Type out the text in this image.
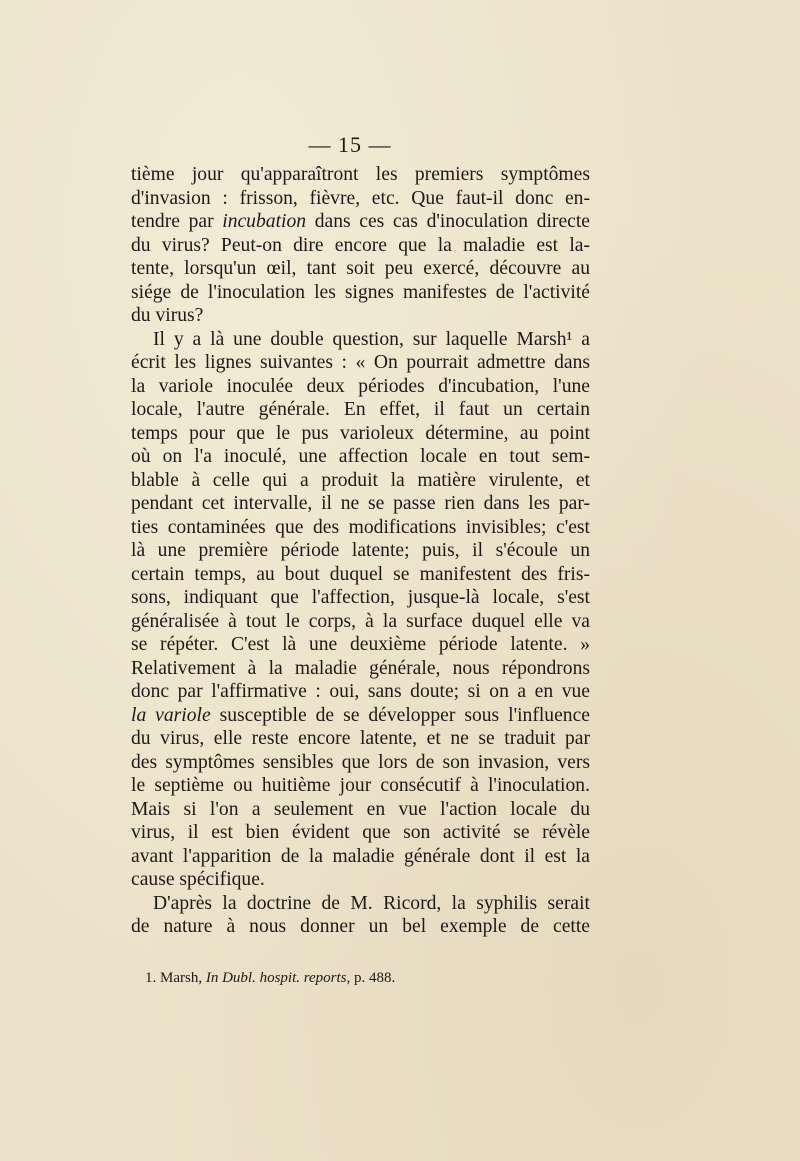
— 15 —
tième jour qu'apparaîtront les premiers symptômes
d'invasion : frisson, fièvre, etc. Que faut-il donc en-
tendre par incubation dans ces cas d'inoculation directe
du virus? Peut-on dire encore que la maladie est la-
tente, lorsqu'un œil, tant soit peu exercé, découvre au
siége de l'inoculation les signes manifestes de l'activité
du virus?
Il y a là une double question, sur laquelle Marsh¹ a
écrit les lignes suivantes : « On pourrait admettre dans
la variole inoculée deux périodes d'incubation, l'une
locale, l'autre générale. En effet, il faut un certain
temps pour que le pus varioleux détermine, au point
où on l'a inoculé, une affection locale en tout sem-
blable à celle qui a produit la matière virulente, et
pendant cet intervalle, il ne se passe rien dans les par-
ties contaminées que des modifications invisibles; c'est
là une première période latente; puis, il s'écoule un
certain temps, au bout duquel se manifestent des fris-
sons, indiquant que l'affection, jusque-là locale, s'est
généralisée à tout le corps, à la surface duquel elle va
se répéter. C'est là une deuxième période latente. »
Relativement à la maladie générale, nous répondrons
donc par l'affirmative : oui, sans doute; si on a en vue
la variole susceptible de se développer sous l'influence
du virus, elle reste encore latente, et ne se traduit par
des symptômes sensibles que lors de son invasion, vers
le septième ou huitième jour consécutif à l'inoculation.
Mais si l'on a seulement en vue l'action locale du
virus, il est bien évident que son activité se révèle
avant l'apparition de la maladie générale dont il est la
cause spécifique.
D'après la doctrine de M. Ricord, la syphilis serait
de nature à nous donner un bel exemple de cette
1. Marsh, In Dubl. hospit. reports, p. 488.
